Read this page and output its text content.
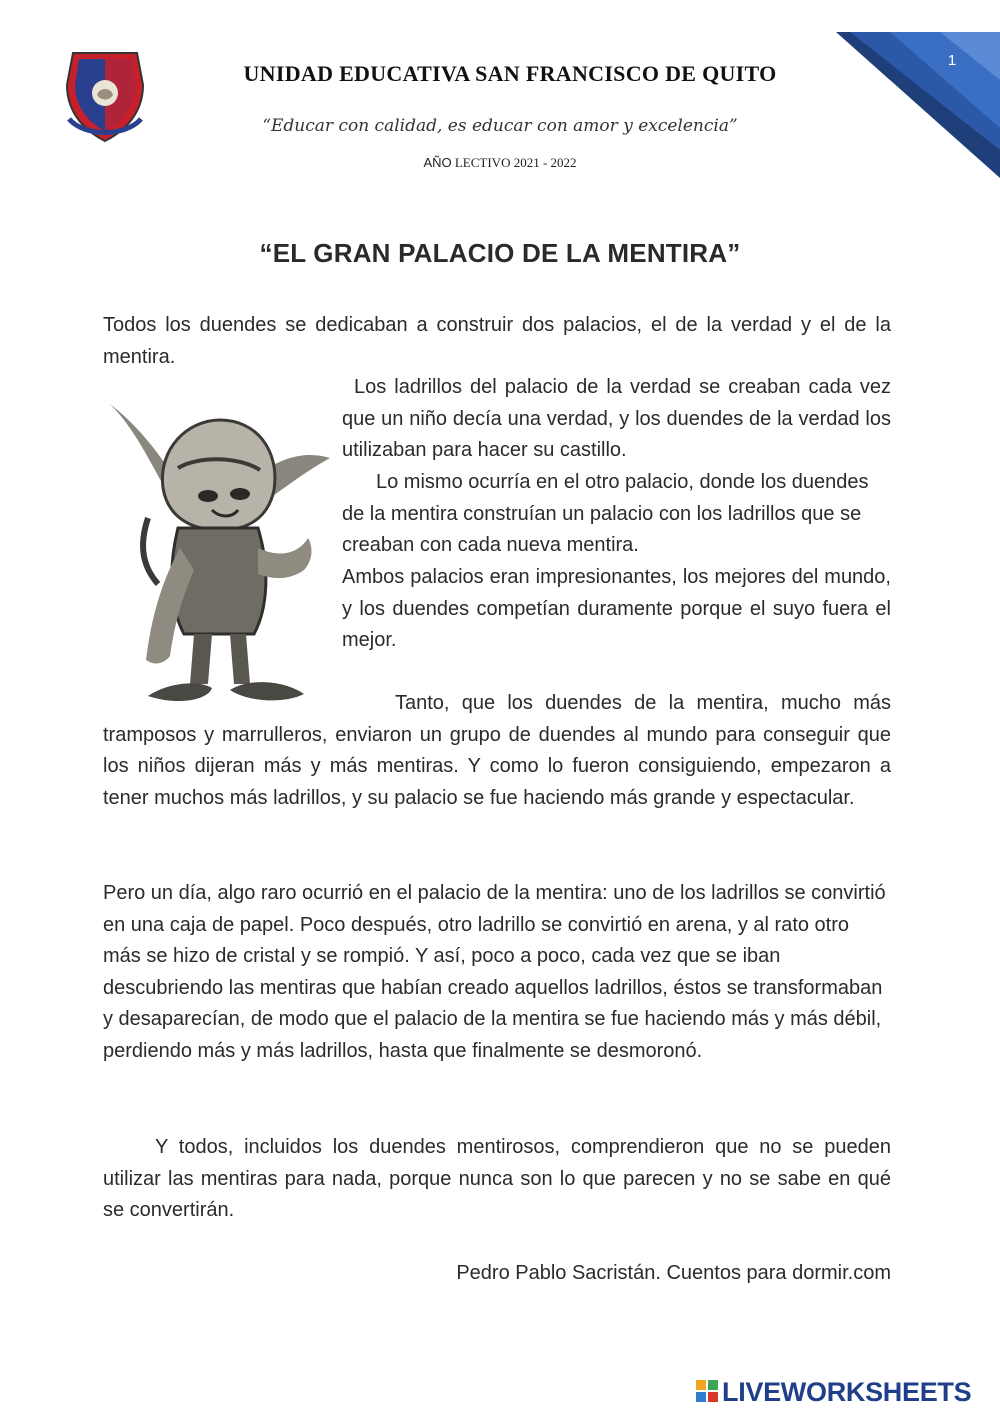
UNIDAD EDUCATIVA SAN FRANCISCO DE QUITO
“Educar con calidad, es educar con amor y excelencia”
AÑO LECTIVO 2021 - 2022
1
“EL GRAN PALACIO DE LA MENTIRA”

Todos los duendes se dedicaban a construir dos palacios, el de la verdad y el de la mentira.

Los ladrillos del palacio de la verdad se creaban cada vez que un niño decía una verdad, y los duendes de la verdad los utilizaban para hacer su castillo.

Lo mismo ocurría en el otro palacio, donde los duendes de la mentira construían un palacio con los ladrillos que se creaban con cada nueva mentira.

Ambos palacios eran impresionantes, los mejores del mundo, y los duendes competían duramente porque el suyo fuera el mejor.

Tanto, que los duendes de la mentira, mucho más tramposos y marrulleros, enviaron un grupo de duendes al mundo para conseguir que los niños dijeran más y más mentiras. Y como lo fueron consiguiendo, empezaron a tener muchos más ladrillos, y su palacio se fue haciendo más grande y espectacular.

Pero un día, algo raro ocurrió en el palacio de la mentira: uno de los ladrillos se convirtió en una caja de papel. Poco después, otro ladrillo se convirtió en arena, y al rato otro más se hizo de cristal y se rompió. Y así, poco a poco, cada vez que se iban descubriendo las mentiras que habían creado aquellos ladrillos, éstos se transformaban y desaparecían, de modo que el palacio de la mentira se fue haciendo más y más débil, perdiendo más y más ladrillos, hasta que finalmente se desmoronó.

Y todos, incluidos los duendes mentirosos, comprendieron que no se pueden utilizar las mentiras para nada, porque nunca son lo que parecen y no se sabe en qué se convertirán.

Pedro Pablo Sacristán. Cuentos para dormir.com
LIVEWORKSHEETS
